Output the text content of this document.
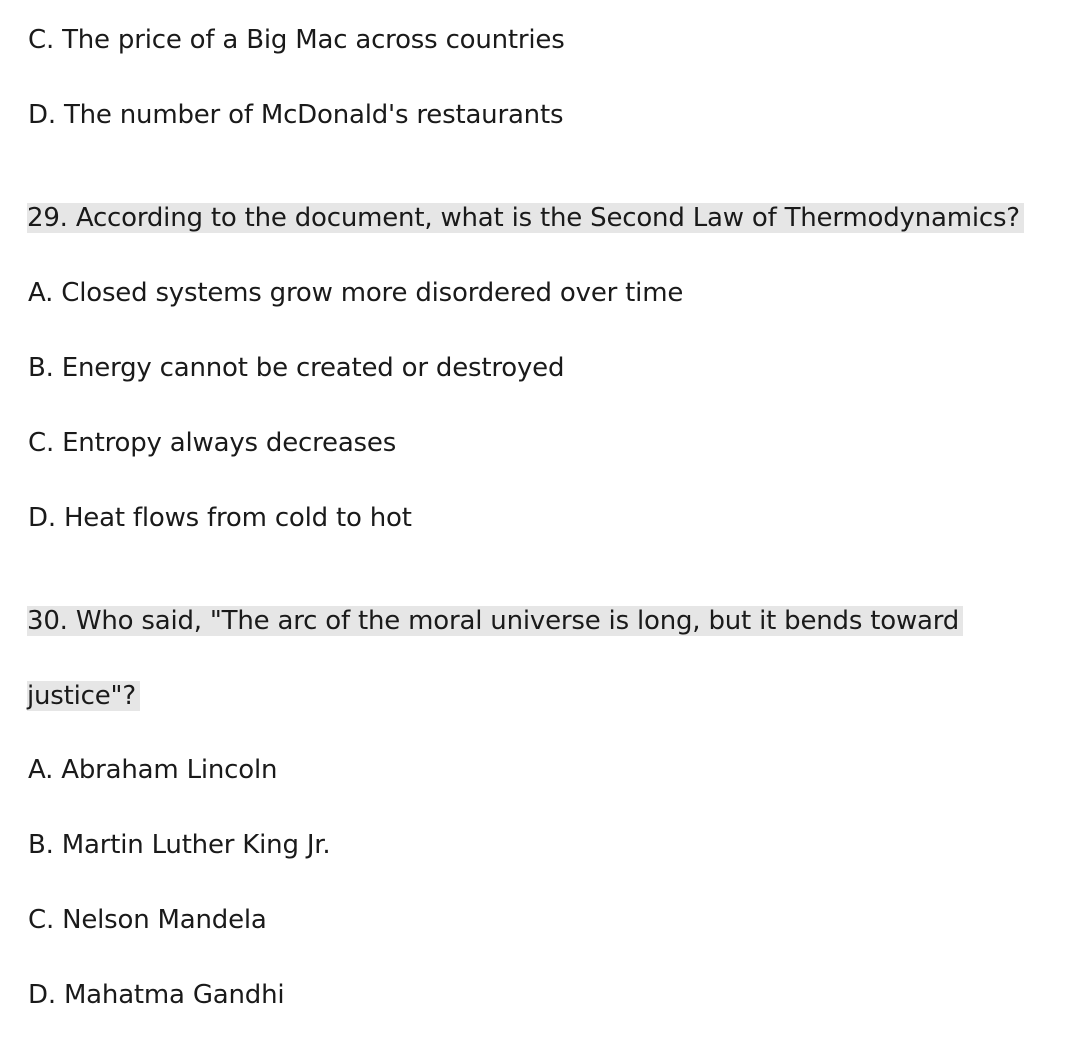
C. The price of a Big Mac across countries
D. The number of McDonald's restaurants
29. According to the document, what is the Second Law of Thermodynamics?
A. Closed systems grow more disordered over time
B. Energy cannot be created or destroyed
C. Entropy always decreases
D. Heat flows from cold to hot
30. Who said, "The arc of the moral universe is long, but it bends toward
justice"?
A. Abraham Lincoln
B. Martin Luther King Jr.
C. Nelson Mandela
D. Mahatma Gandhi
